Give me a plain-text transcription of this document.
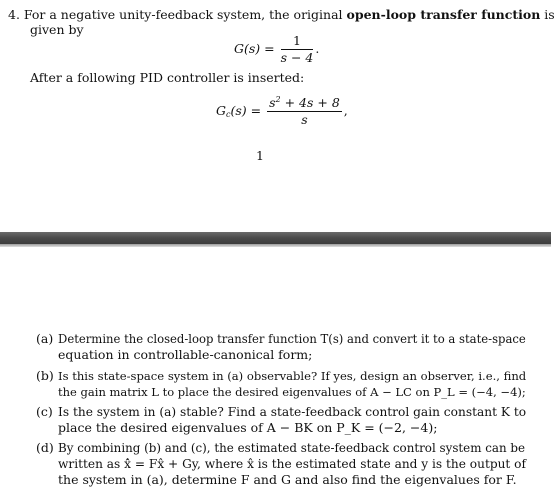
4. For a negative unity-feedback system, the original open-loop transfer function is
given by
$G(s) = \frac{1}{s - 4}$ .
After a following PID controller is inserted:
$G_c(s) = \frac{s^2 + 4s + 8}{s}$ ,
1
(a) Determine the closed-loop transfer function T(s) and convert it to a state-space
equation in controllable-canonical form;
(b) Is this state-space system in (a) observable? If yes, design an observer, i.e., find
the gain matrix L to place the desired eigenvalues of A − LC on P_L = (−4, −4);
(c) Is the system in (a) stable? Find a state-feedback control gain constant K to
place the desired eigenvalues of A − BK on P_K = (−2, −4);
(d) By combining (b) and (c), the estimated state-feedback control system can be
written as x̂̇ = Fx̂ + Gy, where x̂ is the estimated state and y is the output of
the system in (a), determine F and G and also find the eigenvalues for F.
